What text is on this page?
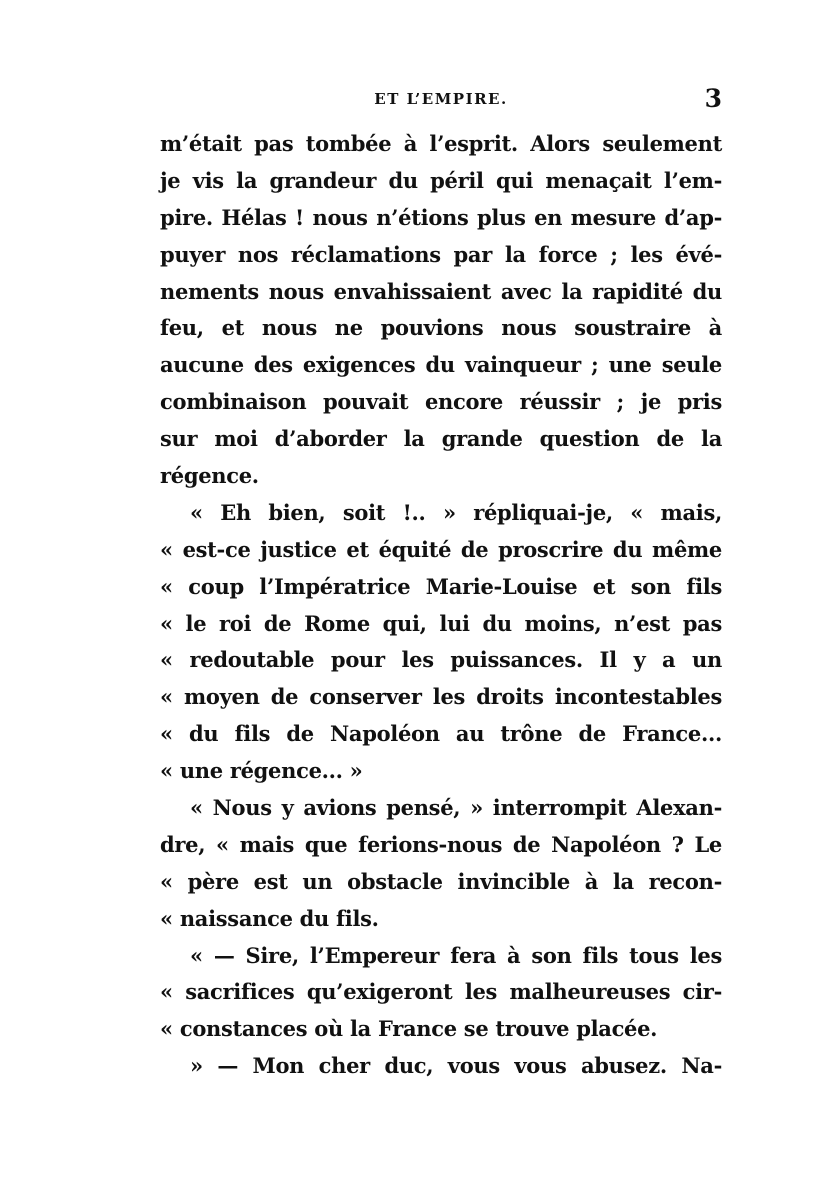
ET L’EMPIRE.	3
m’était pas tombée à l’esprit. Alors seulement
je vis la grandeur du péril qui menaçait l’em-
pire. Hélas ! nous n’étions plus en mesure d’ap-
puyer nos réclamations par la force ; les évé-
nements nous envahissaient avec la rapidité du
feu, et nous ne pouvions nous soustraire à
aucune des exigences du vainqueur ; une seule
combinaison pouvait encore réussir ; je pris
sur moi d’aborder la grande question de la
régence.
« Eh bien, soit !.. » répliquai-je, « mais,
« est-ce justice et équité de proscrire du même
« coup l’Impératrice Marie-Louise et son fils
« le roi de Rome qui, lui du moins, n’est pas
« redoutable pour les puissances. Il y a un
« moyen de conserver les droits incontestables
« du fils de Napoléon au trône de France...
« une régence... »
« Nous y avions pensé, » interrompit Alexan-
dre, « mais que ferions-nous de Napoléon ? Le
« père est un obstacle invincible à la recon-
« naissance du fils.
« — Sire, l’Empereur fera à son fils tous les
« sacrifices qu’exigeront les malheureuses cir-
« constances où la France se trouve placée.
» — Mon cher duc, vous vous abusez. Na-
